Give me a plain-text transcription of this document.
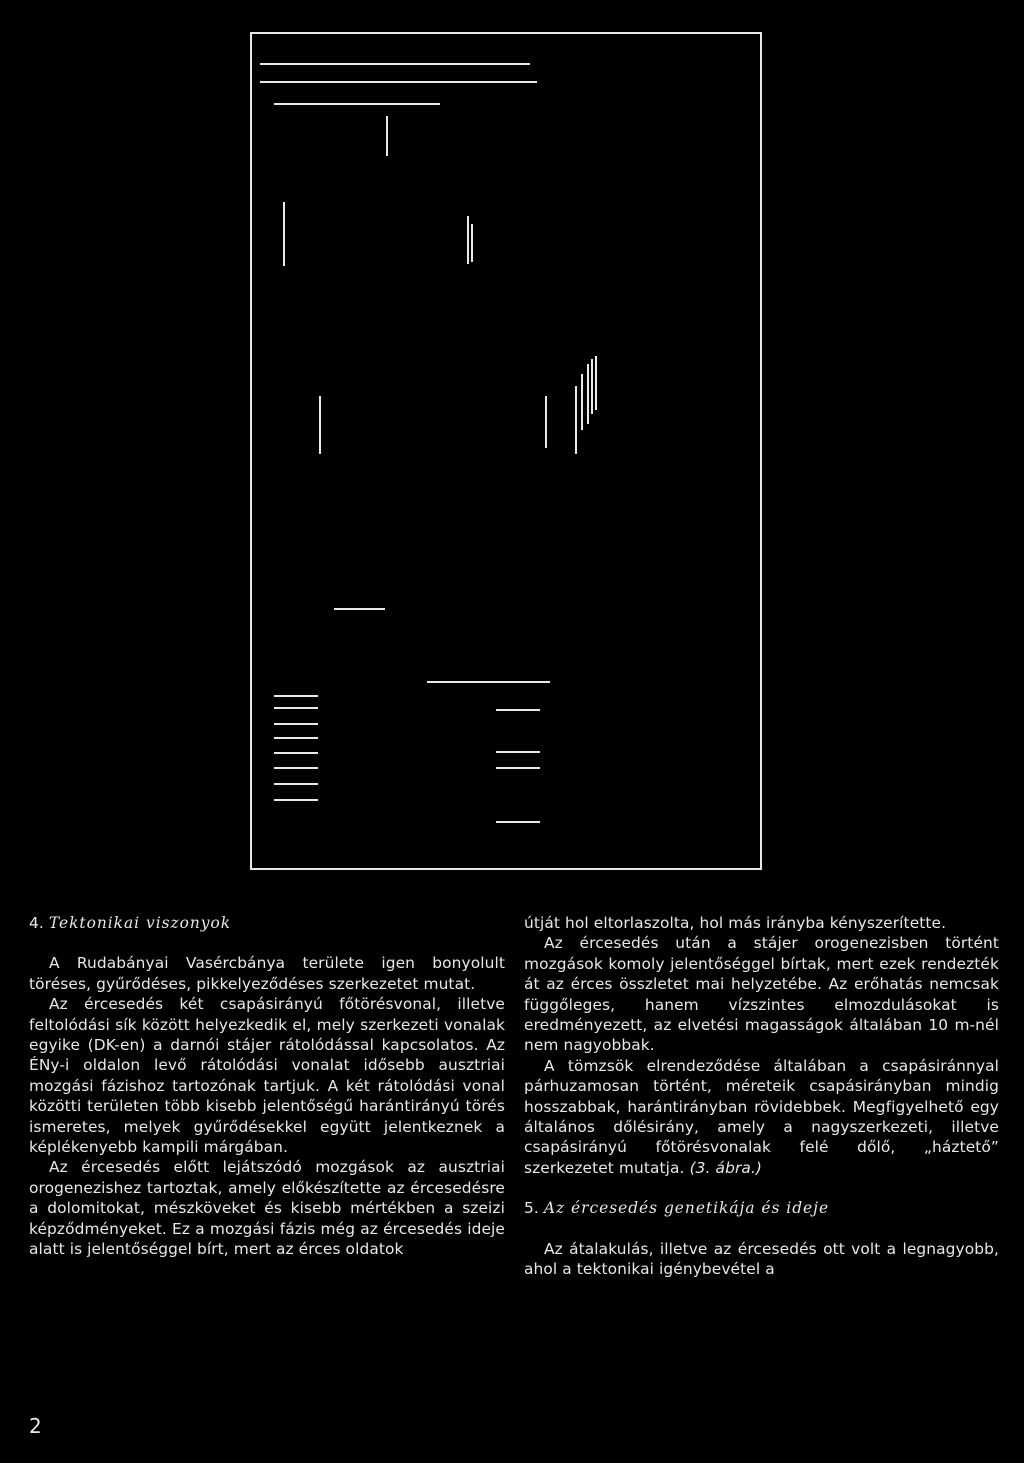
4. Tektonikai viszonyok

A Rudabányai Vasércbánya területe igen bonyolult töréses, gyűrődéses, pikkelyeződéses szerkezetet mutat.

Az ércesedés két csapásirányú főtörésvonal, illetve feltolódási sík között helyezkedik el, mely szerkezeti vonalak egyike (DK-en) a darnói stájer rátolódással kapcsolatos. Az ÉNy-i oldalon levő rátolódási vonalat idősebb ausztriai mozgási fázishoz tartozónak tartjuk. A két rátolódási vonal közötti területen több kisebb jelentőségű harántirányú törés ismeretes, melyek gyűrődésekkel együtt jelentkeznek a képlékenyebb kampili márgában.

Az ércesedés előtt lejátszódó mozgások az ausztriai orogenezishez tartoztak, amely előkészítette az ércesedésre a dolomitokat, mészköveket és kisebb mértékben a szeizi képződményeket. Ez a mozgási fázis még az ércesedés ideje alatt is jelentőséggel bírt, mert az érces oldatok

útját hol eltorlaszolta, hol más irányba kényszerítette.

Az ércesedés után a stájer orogenezisben történt mozgások komoly jelentőséggel bírtak, mert ezek rendezték át az érces összletet mai helyzetébe. Az erőhatás nemcsak függőleges, hanem vízszintes elmozdulásokat is eredményezett, az elvetési magasságok általában 10 m-nél nem nagyobbak.

A tömzsök elrendeződése általában a csapásiránnyal párhuzamosan történt, méreteik csapásirányban mindig hosszabbak, harántirányban rövidebbek. Megfigyelhető egy általános dőlésirány, amely a nagyszerkezeti, illetve csapásirányú főtörésvonalak felé dőlő, „háztető” szerkezetet mutatja. (3. ábra.)

5. Az ércesedés genetikája és ideje

Az átalakulás, illetve az ércesedés ott volt a legnagyobb, ahol a tektonikai igénybevétel a

2
